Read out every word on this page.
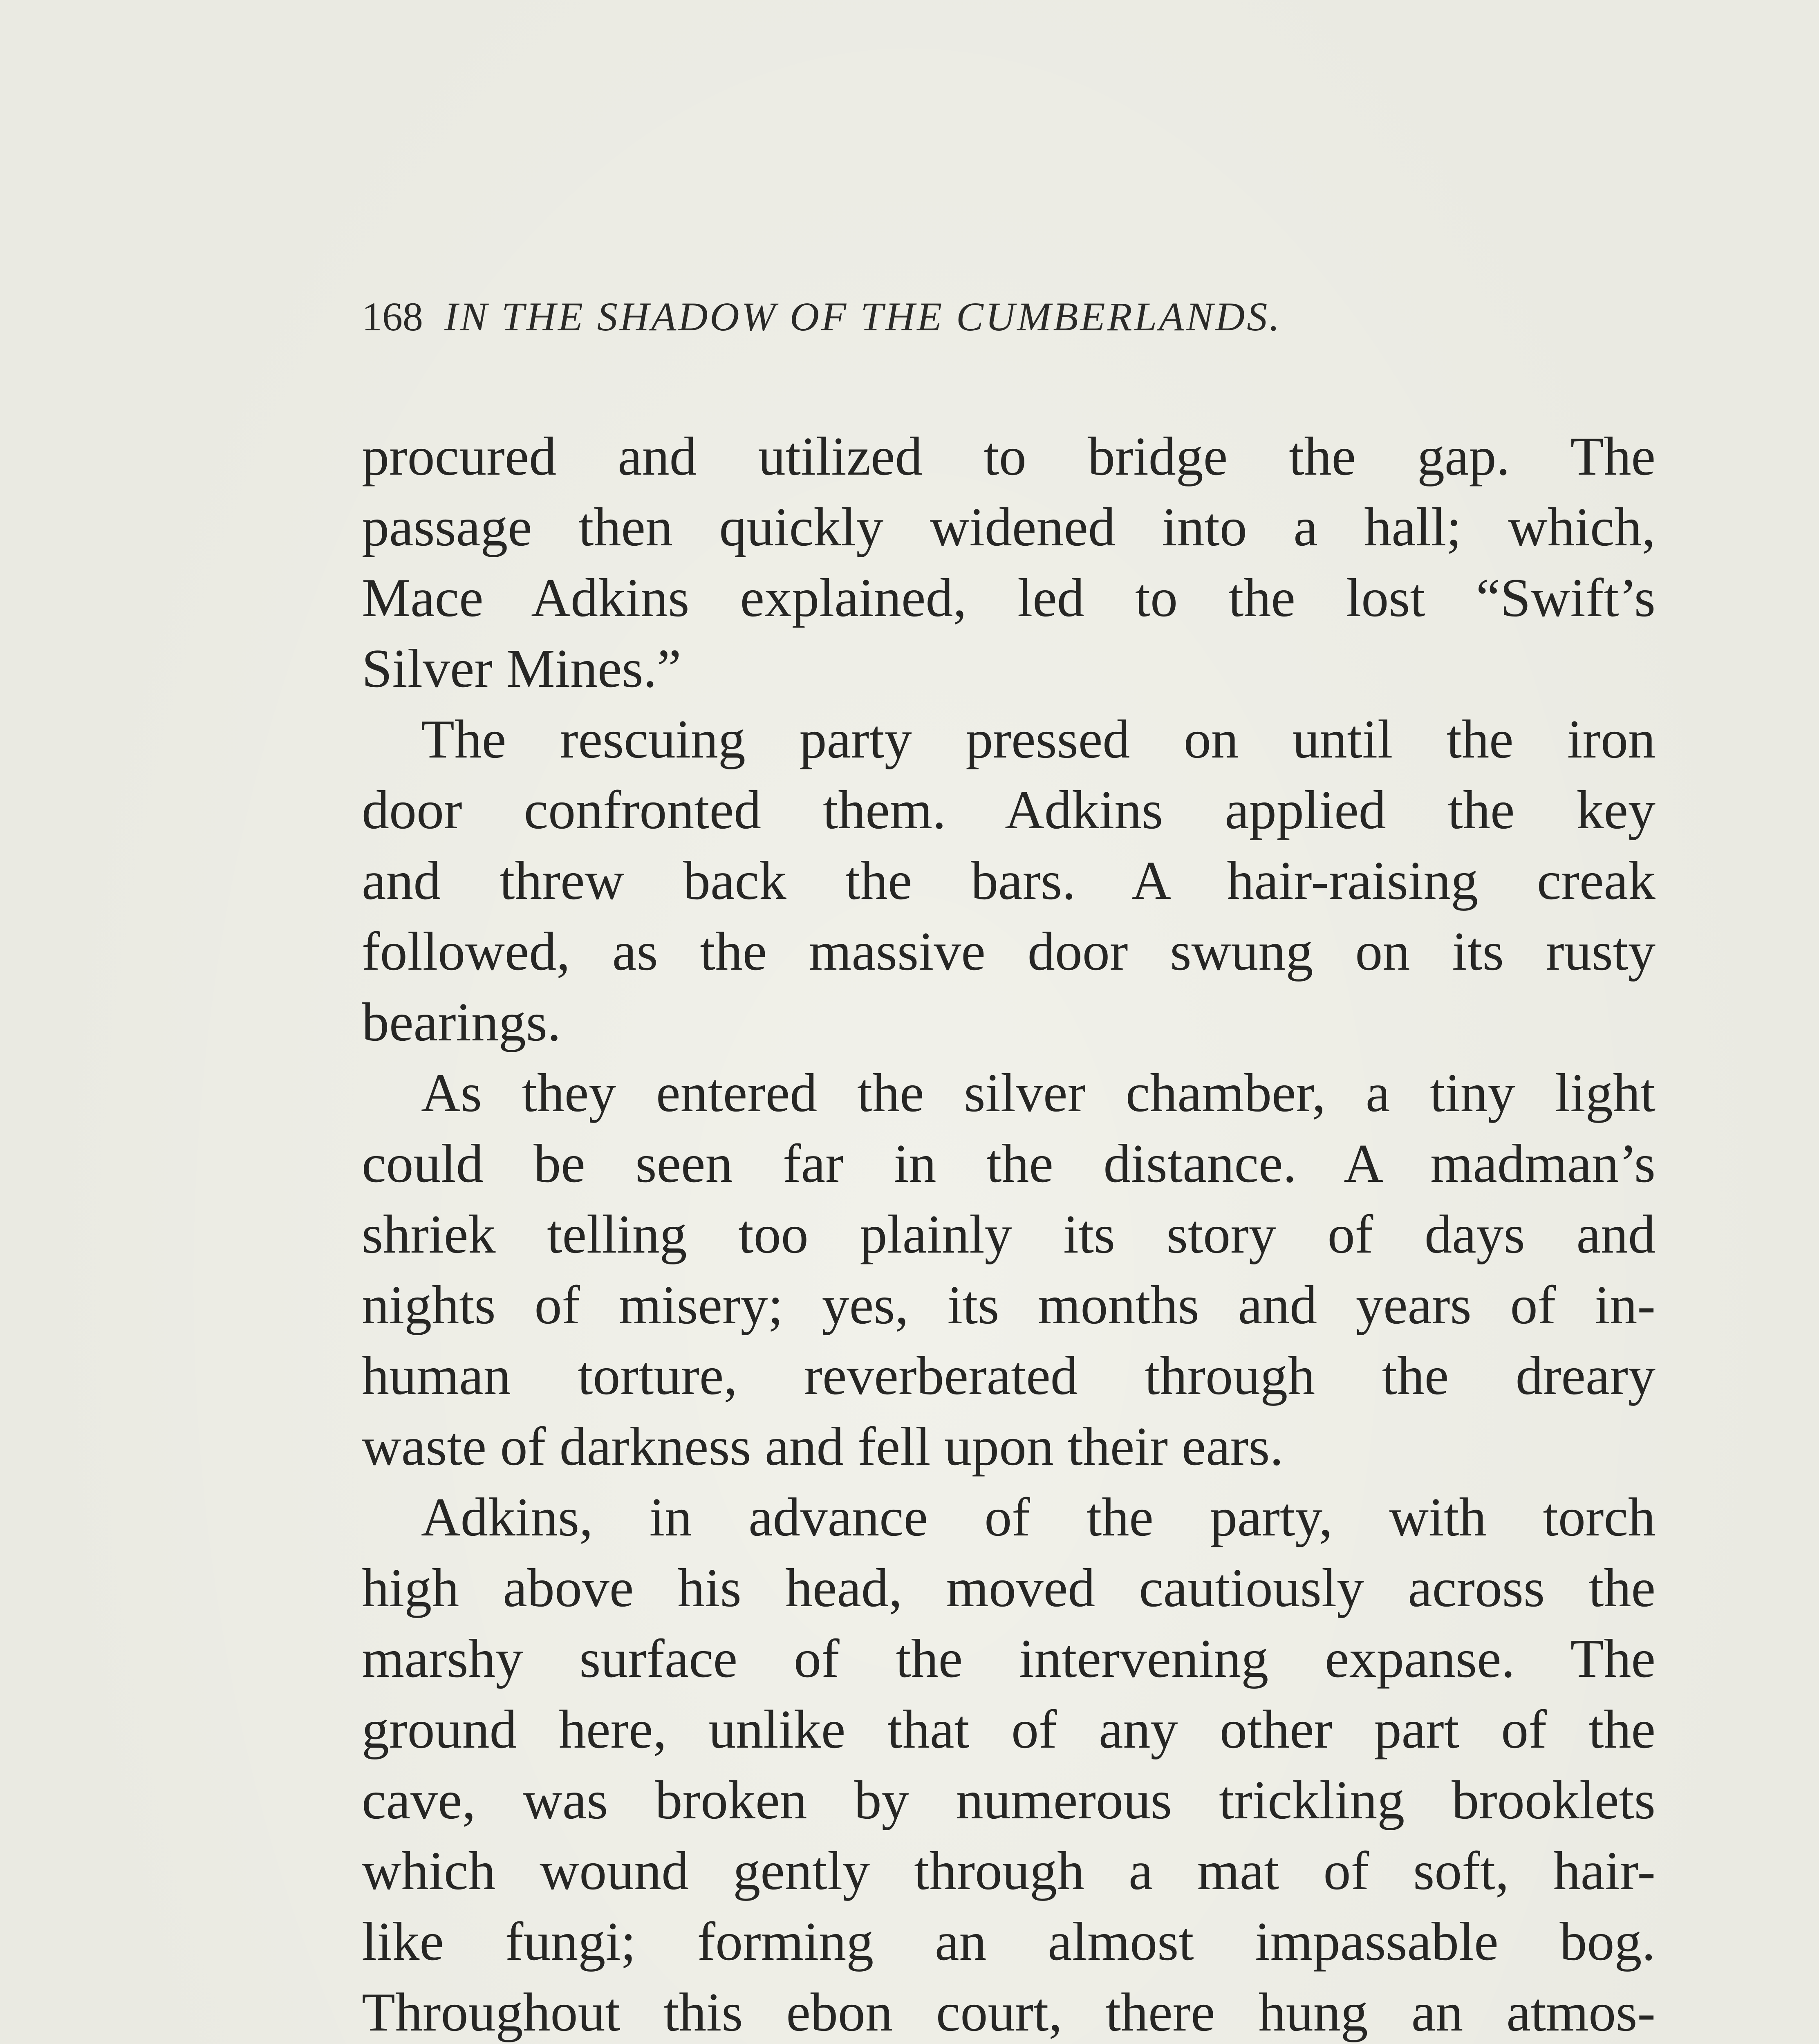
168 IN THE SHADOW OF THE CUMBERLANDS.
procured and utilized to bridge the gap. The
passage then quickly widened into a hall; which,
Mace Adkins explained, led to the lost “Swift’s
Silver Mines.”
The rescuing party pressed on until the iron
door confronted them. Adkins applied the key
and threw back the bars. A hair-raising creak
followed, as the massive door swung on its rusty
bearings.
As they entered the silver chamber, a tiny light
could be seen far in the distance. A madman’s
shriek telling too plainly its story of days and
nights of misery; yes, its months and years of in-
human torture, reverberated through the dreary
waste of darkness and fell upon their ears.
Adkins, in advance of the party, with torch
high above his head, moved cautiously across the
marshy surface of the intervening expanse. The
ground here, unlike that of any other part of the
cave, was broken by numerous trickling brooklets
which wound gently through a mat of soft, hair-
like fungi; forming an almost impassable bog.
Throughout this ebon court, there hung an atmos-
